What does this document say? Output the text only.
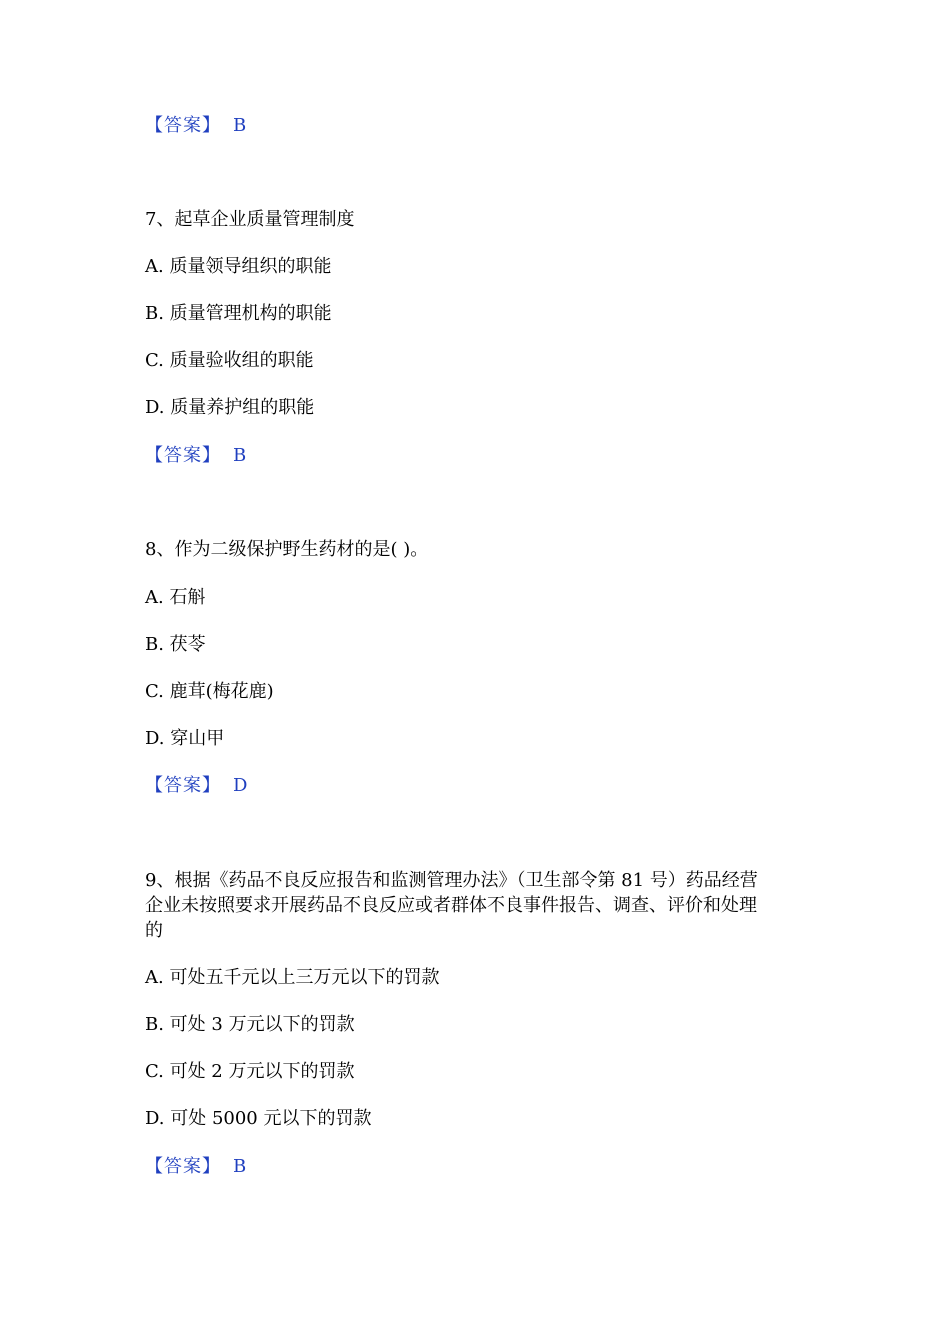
【答案】 B
7、起草企业质量管理制度
A. 质量领导组织的职能
B. 质量管理机构的职能
C. 质量验收组的职能
D. 质量养护组的职能
【答案】 B
8、作为二级保护野生药材的是( )。
A. 石斛
B. 茯苓
C. 鹿茸(梅花鹿)
D. 穿山甲
【答案】 D
9、根据《药品不良反应报告和监测管理办法》（卫生部令第 81 号）药品经营
企业未按照要求开展药品不良反应或者群体不良事件报告、调查、评价和处理
的
A. 可处五千元以上三万元以下的罚款
B. 可处 3 万元以下的罚款
C. 可处 2 万元以下的罚款
D. 可处 5000 元以下的罚款
【答案】 B
